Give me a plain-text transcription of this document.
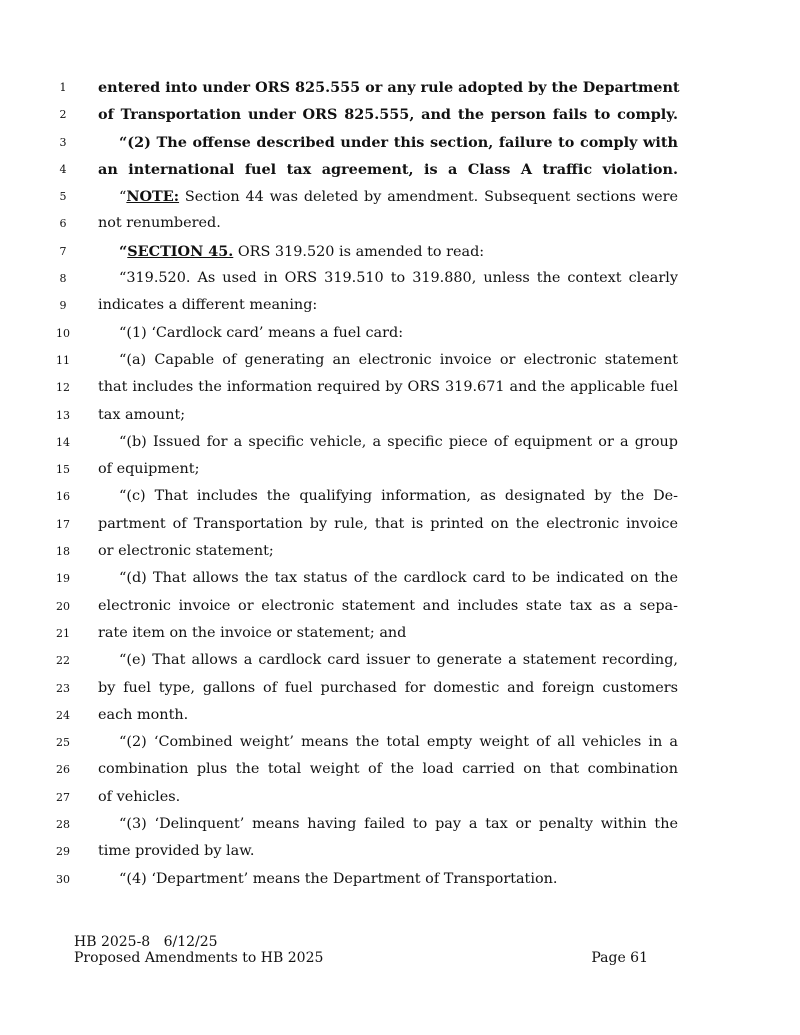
1	entered into under ORS 825.555 or any rule adopted by the Department
2	of Transportation under ORS 825.555, and the person fails to comply.
3	“(2) The offense described under this section, failure to comply with
4	an international fuel tax agreement, is a Class A traffic violation.
5	“NOTE: Section 44 was deleted by amendment. Subsequent sections were
6	not renumbered.
7	“SECTION 45. ORS 319.520 is amended to read:
8	“319.520. As used in ORS 319.510 to 319.880, unless the context clearly
9	indicates a different meaning:
10	“(1) ‘Cardlock card’ means a fuel card:
11	“(a) Capable of generating an electronic invoice or electronic statement
12	that includes the information required by ORS 319.671 and the applicable fuel
13	tax amount;
14	“(b) Issued for a specific vehicle, a specific piece of equipment or a group
15	of equipment;
16	“(c) That includes the qualifying information, as designated by the De-
17	partment of Transportation by rule, that is printed on the electronic invoice
18	or electronic statement;
19	“(d) That allows the tax status of the cardlock card to be indicated on the
20	electronic invoice or electronic statement and includes state tax as a sepa-
21	rate item on the invoice or statement; and
22	“(e) That allows a cardlock card issuer to generate a statement recording,
23	by fuel type, gallons of fuel purchased for domestic and foreign customers
24	each month.
25	“(2) ‘Combined weight’ means the total empty weight of all vehicles in a
26	combination plus the total weight of the load carried on that combination
27	of vehicles.
28	“(3) ‘Delinquent’ means having failed to pay a tax or penalty within the
29	time provided by law.
30	“(4) ‘Department’ means the Department of Transportation.
HB 2025-8   6/12/25
Proposed Amendments to HB 2025	Page 61
